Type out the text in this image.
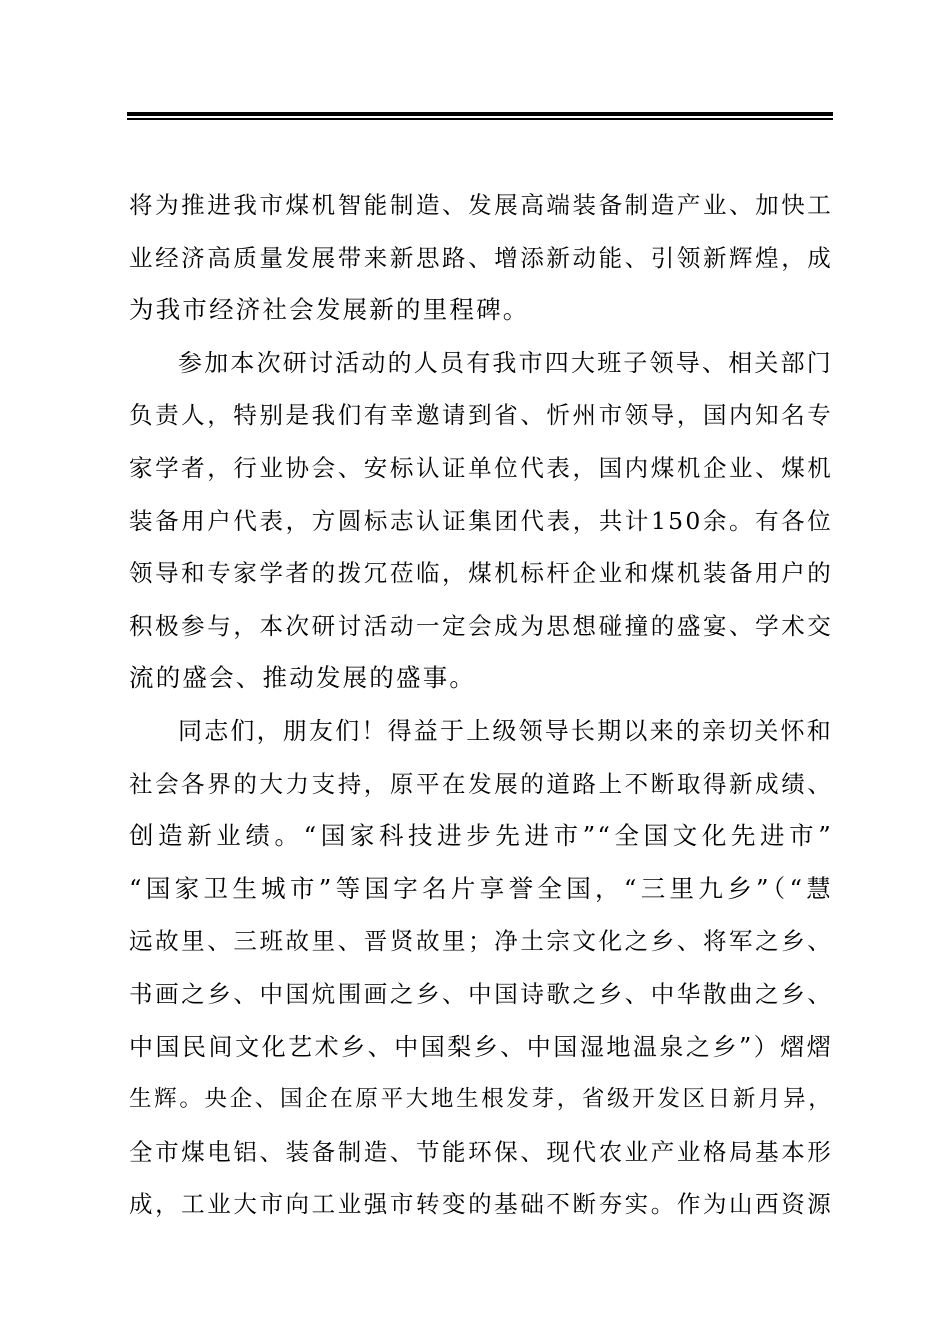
将为推进我市煤机智能制造、发展高端装备制造产业、加快工
业经济高质量发展带来新思路、增添新动能、引领新辉煌，成
为我市经济社会发展新的里程碑。
参加本次研讨活动的人员有我市四大班子领导、相关部门
负责人，特别是我们有幸邀请到省、忻州市领导，国内知名专
家学者，行业协会、安标认证单位代表，国内煤机企业、煤机
装备用户代表，方圆标志认证集团代表，共计150余。有各位
领导和专家学者的拨冗莅临，煤机标杆企业和煤机装备用户的
积极参与，本次研讨活动一定会成为思想碰撞的盛宴、学术交
流的盛会、推动发展的盛事。
同志们，朋友们！得益于上级领导长期以来的亲切关怀和
社会各界的大力支持，原平在发展的道路上不断取得新成绩、
创造新业绩。“国家科技进步先进市”“全国文化先进市”
“国家卫生城市”等国字名片享誉全国，“三里九乡”（“慧
远故里、三班故里、晋贤故里；净土宗文化之乡、将军之乡、
书画之乡、中国炕围画之乡、中国诗歌之乡、中华散曲之乡、
中国民间文化艺术乡、中国梨乡、中国湿地温泉之乡”）熠熠
生辉。央企、国企在原平大地生根发芽，省级开发区日新月异，
全市煤电铝、装备制造、节能环保、现代农业产业格局基本形
成，工业大市向工业强市转变的基础不断夯实。作为山西资源
